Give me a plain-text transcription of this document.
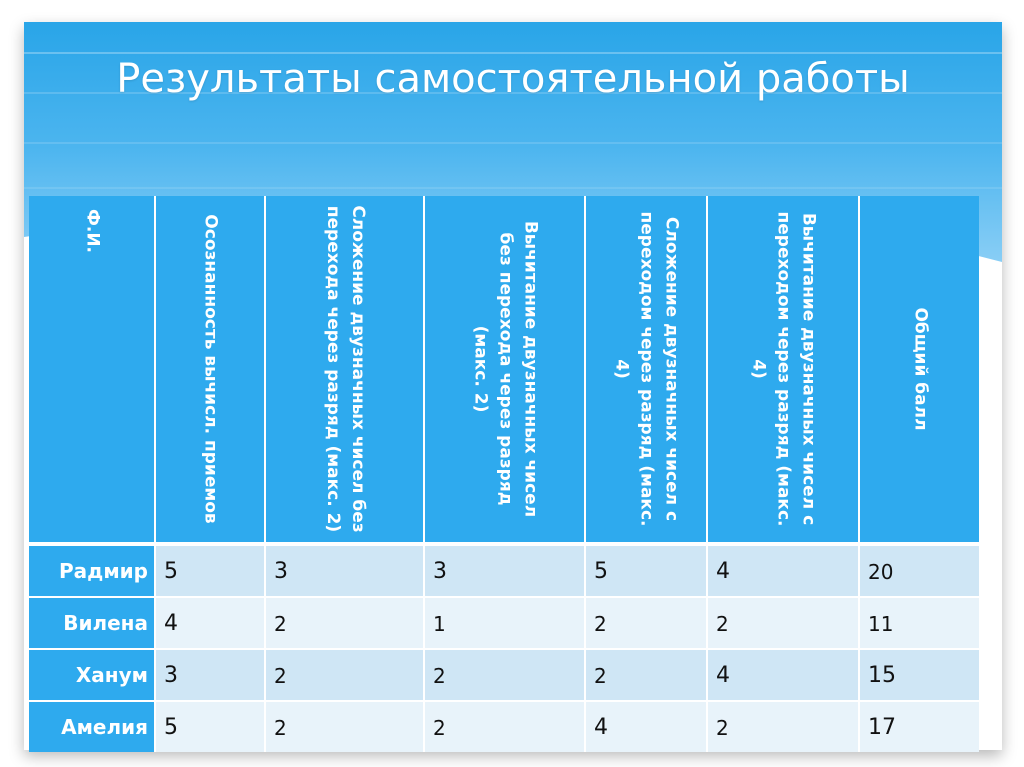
Результаты самостоятельной работы
Ф.И.	Осознанность вычисл. приемов	Сложение двузначных чисел без перехода через разряд (макс. 2)	Вычитание двузначных чисел без перехода через разряд (макс. 2)	Сложение двузначных чисел с переходом через разряд (макс. 4)	Вычитание двузначных чисел с переходом через разряд (макс. 4)	Общий балл
Радмир 5	3	3	5	4	20
Вилена 4	2	1	2	2	11
Ханум 3	2	2	2	4	15
Амелия 5	2	2	4	2	17
